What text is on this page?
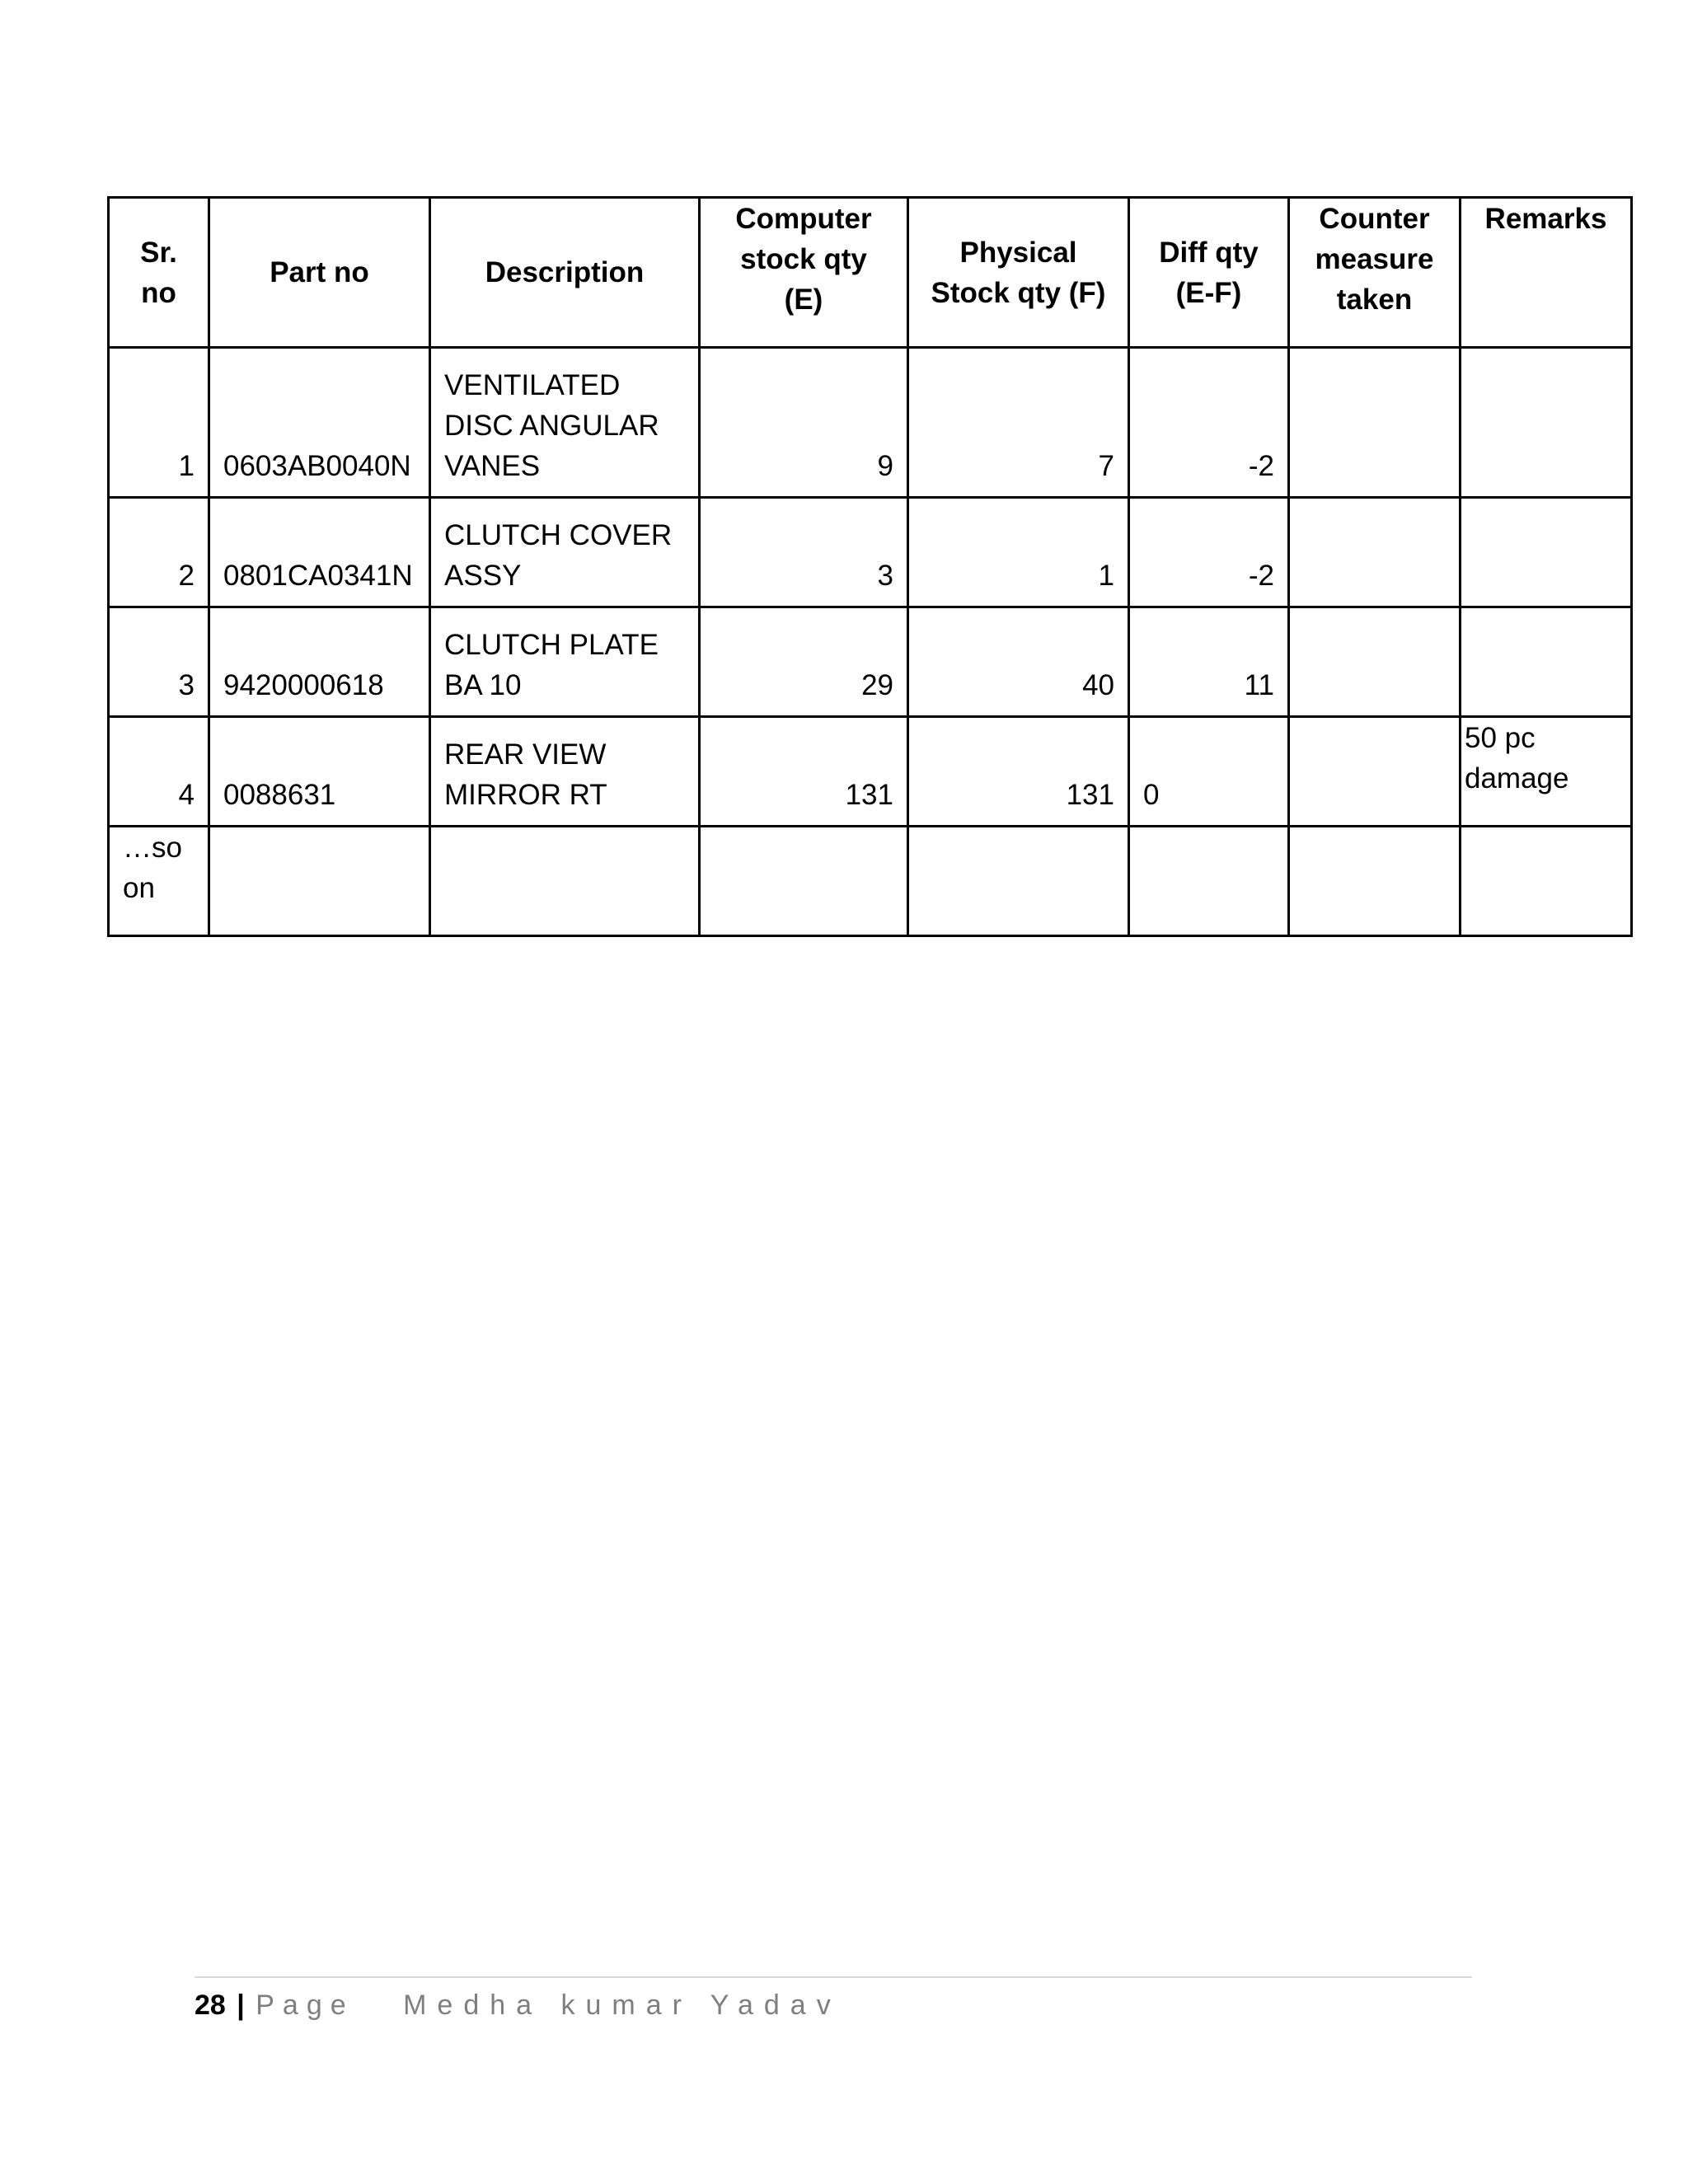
Sr.
no	Part no	Description	Computer
stock qty
(E)	Physical
Stock qty (F)	Diff qty
(E-F)	Counter
measure
taken	Remarks
1	0603AB0040N	VENTILATED
DISC ANGULAR
VANES	9	7	-2		
2	0801CA0341N	CLUTCH COVER
ASSY	3	1	-2		
3	9420000618	CLUTCH PLATE
BA 10	29	40	11		
4	0088631	REAR VIEW
MIRROR RT	131	131	0		50 pc damage
…so
on							
28 | Page Medha kumar Yadav
